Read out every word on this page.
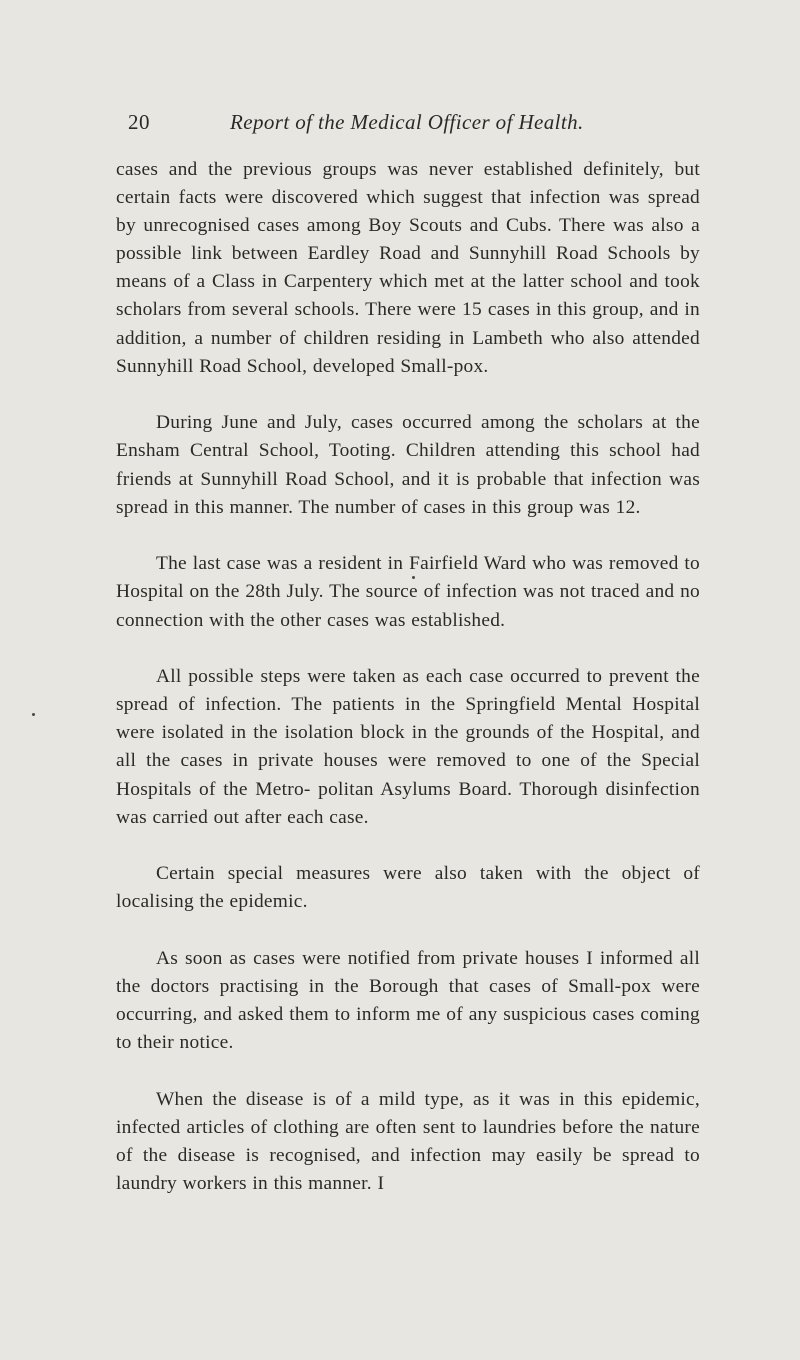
20	Report of the Medical Officer of Health.

cases and the previous groups was never established definitely, but certain facts were discovered which suggest that infection was spread by unrecognised cases among Boy Scouts and Cubs. There was also a possible link between Eardley Road and Sunnyhill Road Schools by means of a Class in Carpentery which met at the latter school and took scholars from several schools. There were 15 cases in this group, and in addition, a number of children residing in Lambeth who also attended Sunnyhill Road School, developed Small-pox.

During June and July, cases occurred among the scholars at the Ensham Central School, Tooting. Children attending this school had friends at Sunnyhill Road School, and it is probable that infection was spread in this manner. The number of cases in this group was 12.

The last case was a resident in Fairfield Ward who was removed to Hospital on the 28th July. The source of infection was not traced and no connection with the other cases was established.

All possible steps were taken as each case occurred to prevent the spread of infection. The patients in the Springfield Mental Hospital were isolated in the isolation block in the grounds of the Hospital, and all the cases in private houses were removed to one of the Special Hospitals of the Metro- politan Asylums Board. Thorough disinfection was carried out after each case.

Certain special measures were also taken with the object of localising the epidemic.

As soon as cases were notified from private houses I informed all the doctors practising in the Borough that cases of Small-pox were occurring, and asked them to inform me of any suspicious cases coming to their notice.

When the disease is of a mild type, as it was in this epidemic, infected articles of clothing are often sent to laundries before the nature of the disease is recognised, and infection may easily be spread to laundry workers in this manner. I
